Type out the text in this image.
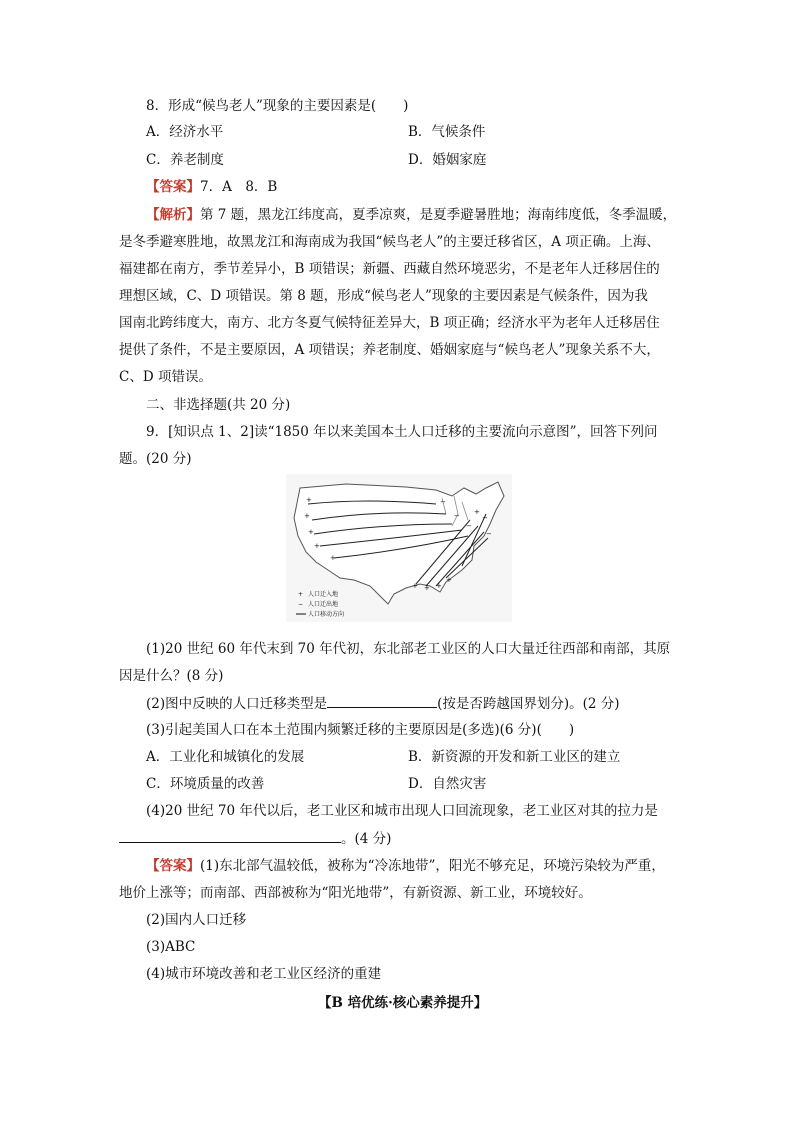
8．形成“候鸟老人”现象的主要因素是(　　)
A．经济水平	B．气候条件
C．养老制度	D．婚姻家庭
【答案】7．A　8．B
【解析】第 7 题，黑龙江纬度高，夏季凉爽，是夏季避暑胜地；海南纬度低，冬季温暖，
是冬季避寒胜地，故黑龙江和海南成为我国“候鸟老人”的主要迁移省区，A 项正确。上海、
福建都在南方，季节差异小，B 项错误；新疆、西藏自然环境恶劣，不是老年人迁移居住的
理想区域，C、D 项错误。第 8 题，形成“候鸟老人”现象的主要因素是气候条件，因为我
国南北跨纬度大，南方、北方冬夏气候特征差异大，B 项正确；经济水平为老年人迁移居住
提供了条件，不是主要原因，A 项错误；养老制度、婚姻家庭与“候鸟老人”现象关系不大，
C、D 项错误。
二、非选择题(共 20 分)
9．[知识点 1、2]读“1850 年以来美国本土人口迁移的主要流向示意图”，回答下列问
题。(20 分)
+
+
+
+
+
+ + +
+
−
−
−
−
−
+
+ 人口迁入地
− 人口迁出地
人口移动方向
(1)20 世纪 60 年代末到 70 年代初，东北部老工业区的人口大量迁往西部和南部，其原
因是什么？(8 分)
(2)图中反映的人口迁移类型是	(按是否跨越国界划分)。(2 分)
(3)引起美国人口在本土范围内频繁迁移的主要原因是(多选)(6 分)(　　)
A．工业化和城镇化的发展	B．新资源的开发和新工业区的建立
C．环境质量的改善	D．自然灾害
(4)20 世纪 70 年代以后，老工业区和城市出现人口回流现象，老工业区对其的拉力是
。(4 分)
【答案】(1)东北部气温较低，被称为“冷冻地带”，阳光不够充足，环境污染较为严重，
地价上涨等；而南部、西部被称为“阳光地带”，有新资源、新工业，环境较好。
(2)国内人口迁移
(3)ABC
(4)城市环境改善和老工业区经济的重建
【B 培优练·核心素养提升】
